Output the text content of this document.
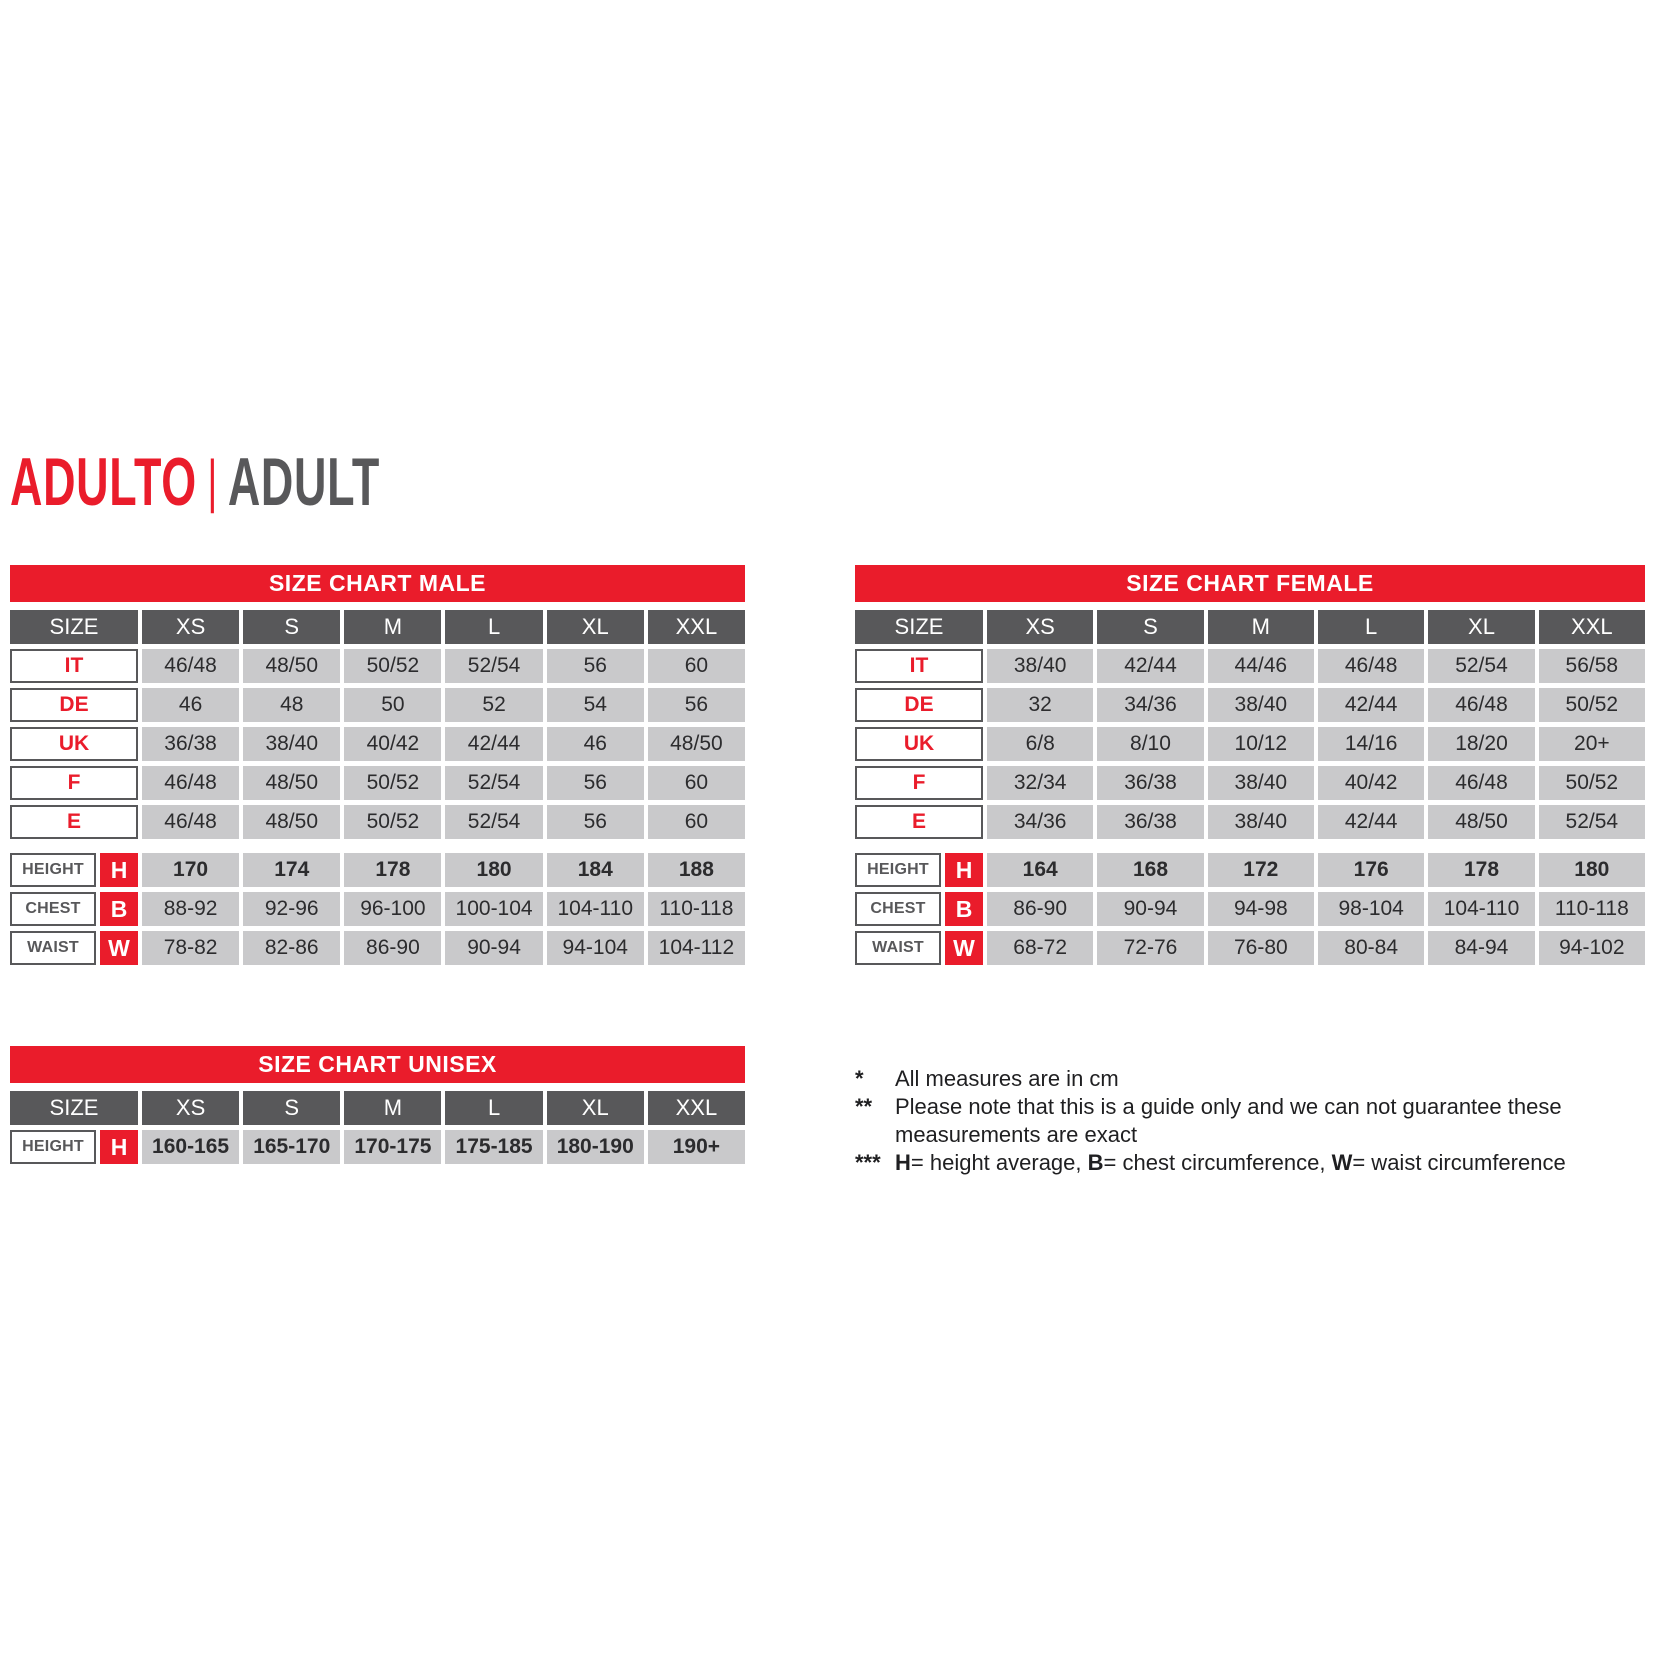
ADULTO | ADULT
SIZE CHART MALE
SIZE	XS	S	M	L	XL	XXL
IT	46/48	48/50	50/52	52/54	56	60
DE	46	48	50	52	54	56
UK	36/38	38/40	40/42	42/44	46	48/50
F	46/48	48/50	50/52	52/54	56	60
E	46/48	48/50	50/52	52/54	56	60
HEIGHT	H	170	174	178	180	184	188
CHEST	B	88-92	92-96	96-100	100-104	104-110	110-118
WAIST	W	78-82	82-86	86-90	90-94	94-104	104-112
SIZE CHART UNISEX
SIZE	XS	S	M	L	XL	XXL
HEIGHT	H	160-165	165-170	170-175	175-185	180-190	190+
SIZE CHART FEMALE
SIZE	XS	S	M	L	XL	XXL
IT	38/40	42/44	44/46	46/48	52/54	56/58
DE	32	34/36	38/40	42/44	46/48	50/52
UK	6/8	8/10	10/12	14/16	18/20	20+
F	32/34	36/38	38/40	40/42	46/48	50/52
E	34/36	36/38	38/40	42/44	48/50	52/54
HEIGHT	H	164	168	172	176	178	180
CHEST	B	86-90	90-94	94-98	98-104	104-110	110-118
WAIST	W	68-72	72-76	76-80	80-84	84-94	94-102
*	All measures are in cm
**	Please note that this is a guide only and we can not guarantee these measurements are exact
*** H= height average, B= chest circumference, W= waist circumference
